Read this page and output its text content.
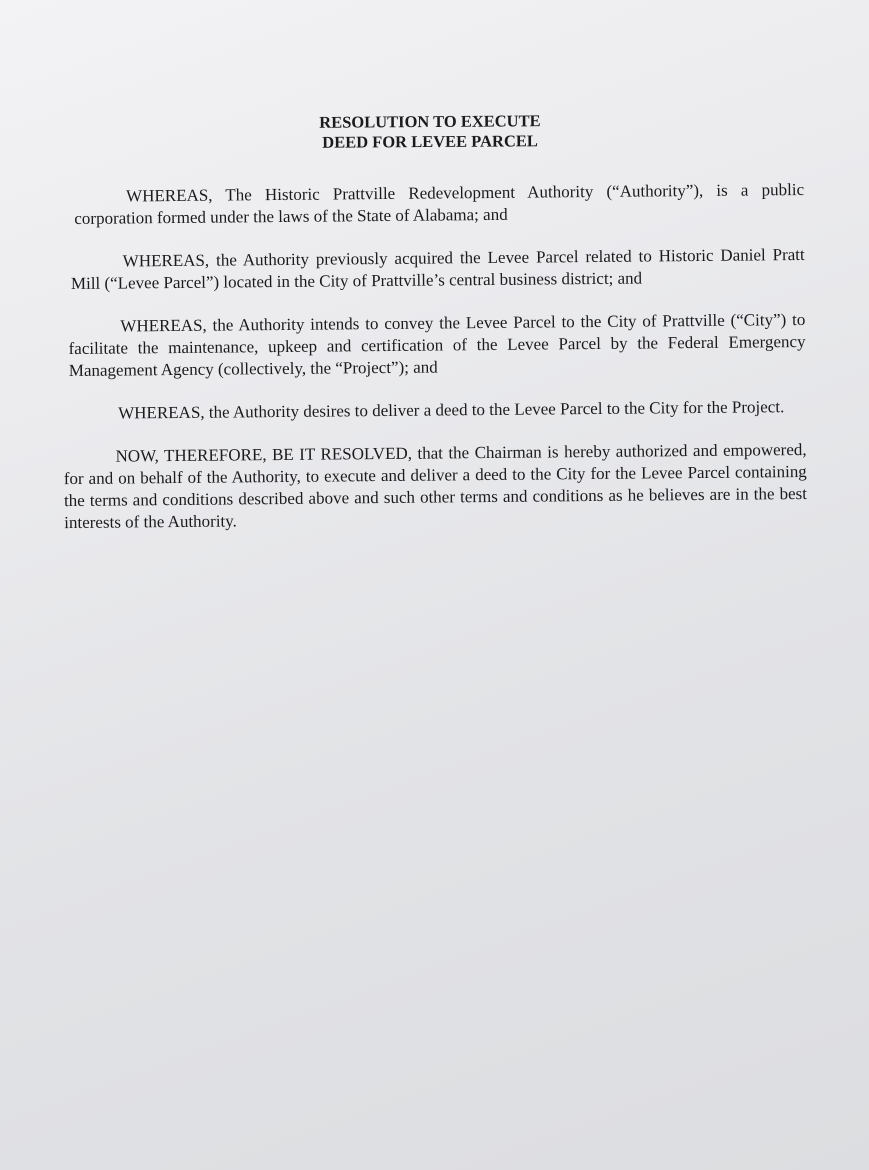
RESOLUTION TO EXECUTE
DEED FOR LEVEE PARCEL

WHEREAS, The Historic Prattville Redevelopment Authority (“Authority”), is a public corporation formed under the laws of the State of Alabama; and

WHEREAS, the Authority previously acquired the Levee Parcel related to Historic Daniel Pratt Mill (“Levee Parcel”) located in the City of Prattville’s central business district; and

WHEREAS, the Authority intends to convey the Levee Parcel to the City of Prattville (“City”) to facilitate the maintenance, upkeep and certification of the Levee Parcel by the Federal Emergency Management Agency (collectively, the “Project”); and

WHEREAS, the Authority desires to deliver a deed to the Levee Parcel to the City for the Project.

NOW, THEREFORE, BE IT RESOLVED, that the Chairman is hereby authorized and empowered, for and on behalf of the Authority, to execute and deliver a deed to the City for the Levee Parcel containing the terms and conditions described above and such other terms and conditions as he believes are in the best interests of the Authority.
